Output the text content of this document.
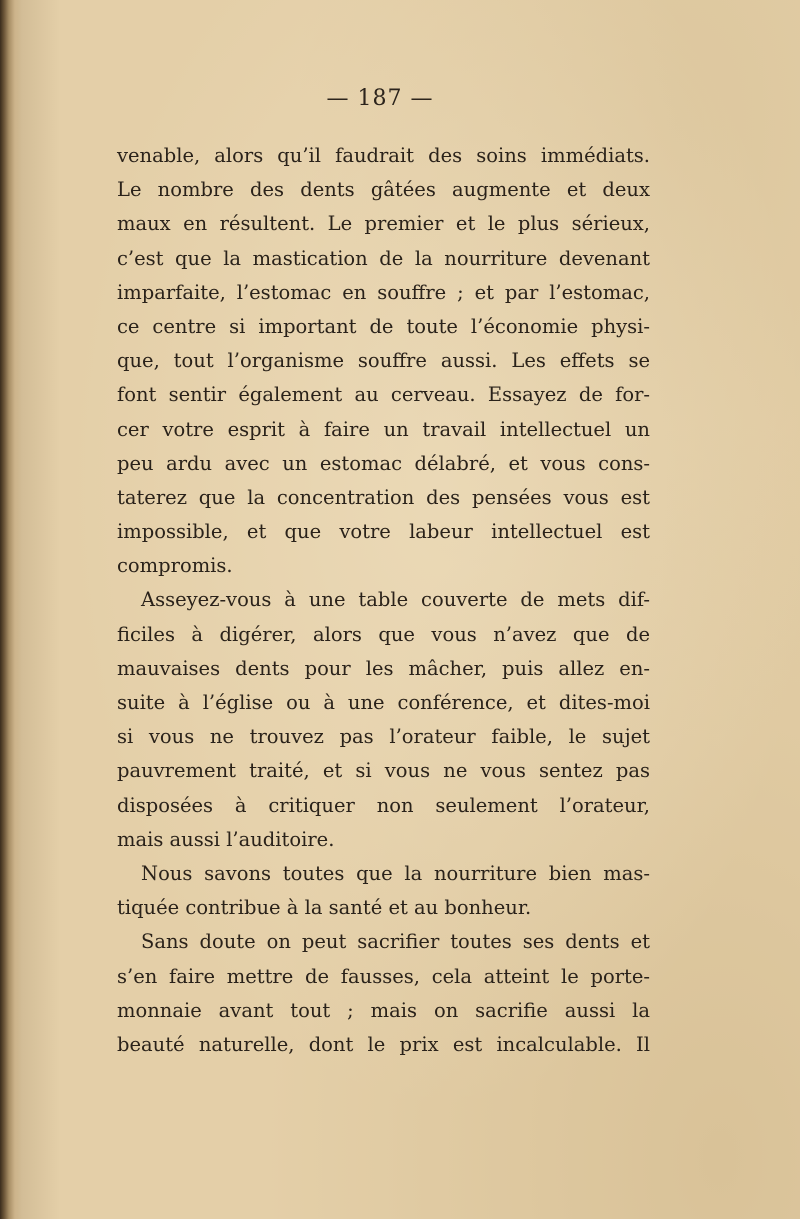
— 187 —
venable, alors qu’il faudrait des soins immédiats.
Le nombre des dents gâtées augmente et deux
maux en résultent. Le premier et le plus sérieux,
c’est que la mastication de la nourriture devenant
imparfaite, l’estomac en souffre ; et par l’estomac,
ce centre si important de toute l’économie physi-
que, tout l’organisme souffre aussi. Les effets se
font sentir également au cerveau. Essayez de for-
cer votre esprit à faire un travail intellectuel un
peu ardu avec un estomac délabré, et vous cons-
taterez que la concentration des pensées vous est
impossible, et que votre labeur intellectuel est
compromis.
Asseyez-vous à une table couverte de mets dif-
ficiles à digérer, alors que vous n’avez que de
mauvaises dents pour les mâcher, puis allez en-
suite à l’église ou à une conférence, et dites-moi
si vous ne trouvez pas l’orateur faible, le sujet
pauvrement traité, et si vous ne vous sentez pas
disposées à critiquer non seulement l’orateur,
mais aussi l’auditoire.
Nous savons toutes que la nourriture bien mas-
tiquée contribue à la santé et au bonheur.
Sans doute on peut sacrifier toutes ses dents et
s’en faire mettre de fausses, cela atteint le porte-
monnaie avant tout ; mais on sacrifie aussi la
beauté naturelle, dont le prix est incalculable. Il
